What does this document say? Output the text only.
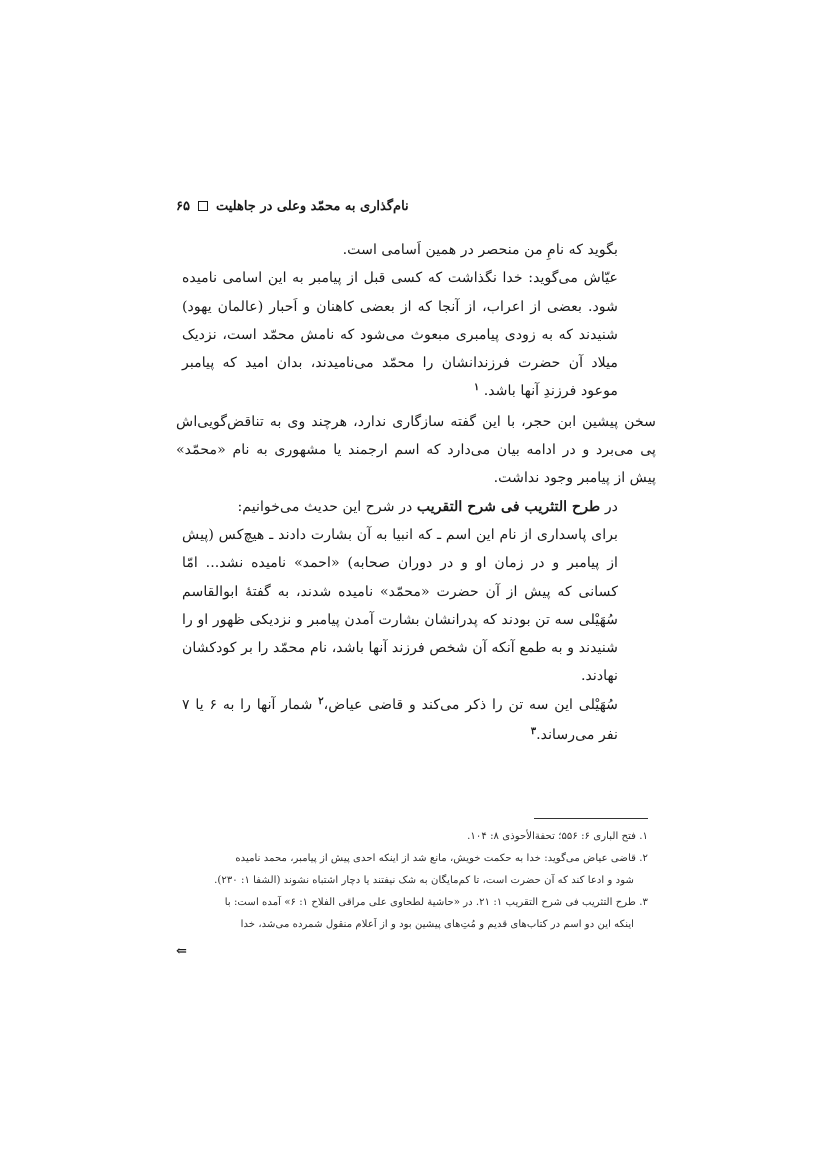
نام‌گذاری به محمّد وعلی در جاهلیت
۶۵

بگوید که نامِ من منحصر در همین اَسامی است.

عیّاش می‌گوید: خدا نگذاشت که کسی قبل از پیامبر به این اسامی نامیده شود. بعضی از اعراب، از آنجا که از بعضی کاهنان و اَحبار (عالمان یهود) شنیدند که به زودی پیامبری مبعوث می‌شود که نامش محمّد است، نزدیک میلاد آن حضرت فرزندانشان را محمّد می‌نامیدند، بدان امید که پیامبر موعود فرزندِ آنها باشد. $^۱$

سخن پیشین ابن حجر، با این گفته سازگاری ندارد، هرچند وی به تناقض‌گویی‌اش پی می‌برد و در ادامه بیان می‌دارد که اسم ارجمند یا مشهوری به نام «محمّد» پیش از پیامبر وجود نداشت.

در طرح التثریب فی شرح التقریب در شرح این حدیث می‌خوانیم:

برای پاسداری از نام این اسم ـ که انبیا به آن بشارت دادند ـ هیچ‌کس (پیش از پیامبر و در زمان او و در دوران صحابه) «احمد» نامیده نشد... امّا کسانی که پیش از آن حضرت «محمّد» نامیده شدند، به گفتهٔ ابوالقاسم سُهَیْلی سه تن بودند که پدرانشان بشارت آمدن پیامبر و نزدیکی ظهور او را شنیدند و به طمع آنکه آن شخص فرزند آنها باشد، نام محمّد را بر کودکشان نهادند.

سُهَیْلی این سه تن را ذکر می‌کند و قاضی عیاض،$^۲$ شمار آنها را به ۶ یا ۷ نفر می‌رساند.$^۳$

۱. فتح الباری ۶: ۵۵۶؛ تحفة‌الأحوذی ۸: ۱۰۴.

۲. قاضی عیاض می‌گوید: خدا به حکمت خویش، مانع شد از اینکه احدی پیش از پیامبر، محمد نامیده

شود و ادعا کند که آن حضرت است، تا کم‌مایگان به شک نیفتند یا دچار اشتباه نشوند (الشفا ۱: ۲۳۰).

۳. طرح التثریب فی شرح التقریب ۱: ۲۱. در «حاشیة لطحاوی علی مراقی الفلاح ۱: ۶» آمده است: با

اینکه این دو اسم در کتاب‌های قدیم و مُتِ‌های پیشین بود و از اَعلام منقول شمرده می‌شد، خدا

⇐
